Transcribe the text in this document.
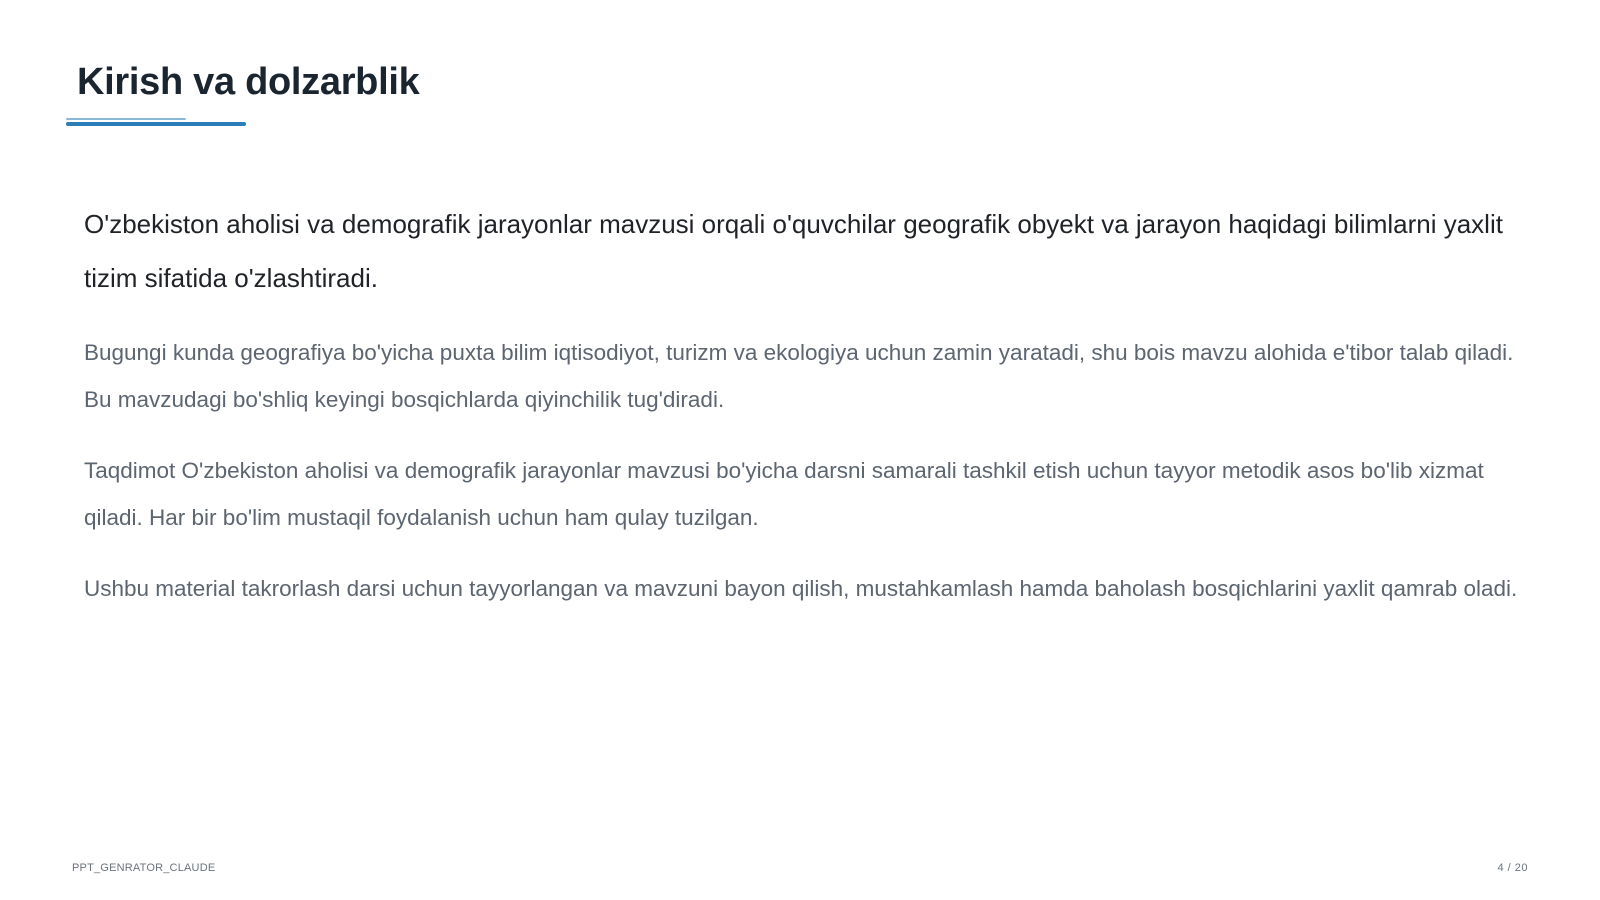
Kirish va dolzarblik

O'zbekiston aholisi va demografik jarayonlar mavzusi orqali o'quvchilar geografik obyekt va jarayon haqidagi bilimlarni yaxlit tizim sifatida o'zlashtiradi.

Bugungi kunda geografiya bo'yicha puxta bilim iqtisodiyot, turizm va ekologiya uchun zamin yaratadi, shu bois mavzu alohida e'tibor talab qiladi. Bu mavzudagi bo'shliq keyingi bosqichlarda qiyinchilik tug'diradi.

Taqdimot O'zbekiston aholisi va demografik jarayonlar mavzusi bo'yicha darsni samarali tashkil etish uchun tayyor metodik asos bo'lib xizmat qiladi. Har bir bo'lim mustaqil foydalanish uchun ham qulay tuzilgan.

Ushbu material takrorlash darsi uchun tayyorlangan va mavzuni bayon qilish, mustahkamlash hamda baholash bosqichlarini yaxlit qamrab oladi.

PPT_GENRATOR_CLAUDE	4 / 20
